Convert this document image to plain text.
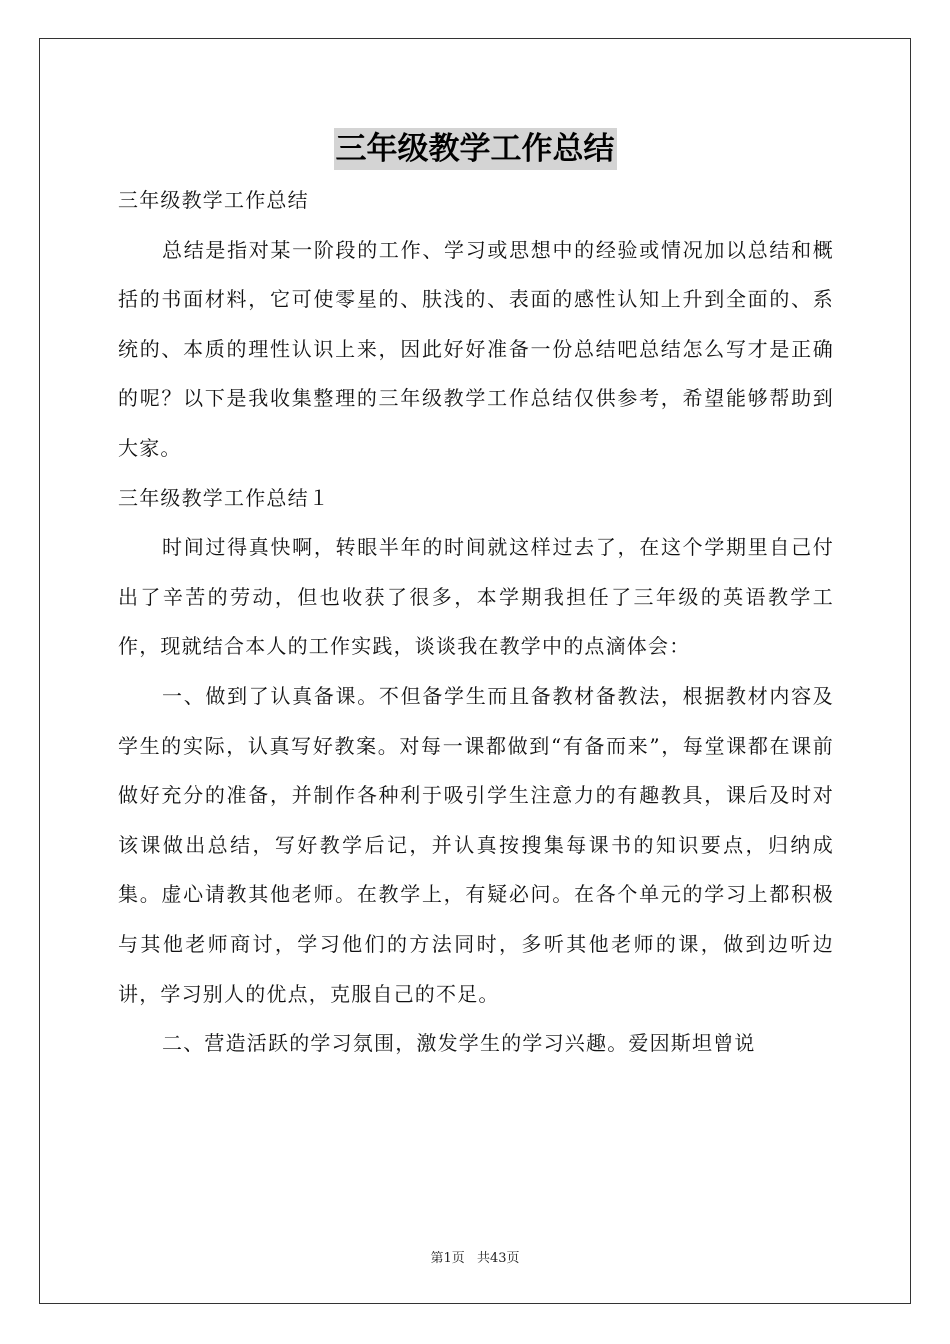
三年级教学工作总结

三年级教学工作总结

总结是指对某一阶段的工作、学习或思想中的经验或情况加以总结和概括的书面材料，它可使零星的、肤浅的、表面的感性认知上升到全面的、系统的、本质的理性认识上来，因此好好准备一份总结吧总结怎么写才是正确的呢？以下是我收集整理的三年级教学工作总结仅供参考，希望能够帮助到大家。

三年级教学工作总结１

时间过得真快啊，转眼半年的时间就这样过去了，在这个学期里自己付出了辛苦的劳动，但也收获了很多，本学期我担任了三年级的英语教学工作，现就结合本人的工作实践，谈谈我在教学中的点滴体会：

一、做到了认真备课。不但备学生而且备教材备教法，根据教材内容及学生的实际，认真写好教案。对每一课都做到“有备而来”，每堂课都在课前做好充分的准备，并制作各种利于吸引学生注意力的有趣教具，课后及时对该课做出总结，写好教学后记，并认真按搜集每课书的知识要点，归纳成集。虚心请教其他老师。在教学上，有疑必问。在各个单元的学习上都积极与其他老师商讨，学习他们的方法同时，多听其他老师的课，做到边听边讲，学习别人的优点，克服自己的不足。

二、营造活跃的学习氛围，激发学生的学习兴趣。爱因斯坦曾说

第1页 共43页
